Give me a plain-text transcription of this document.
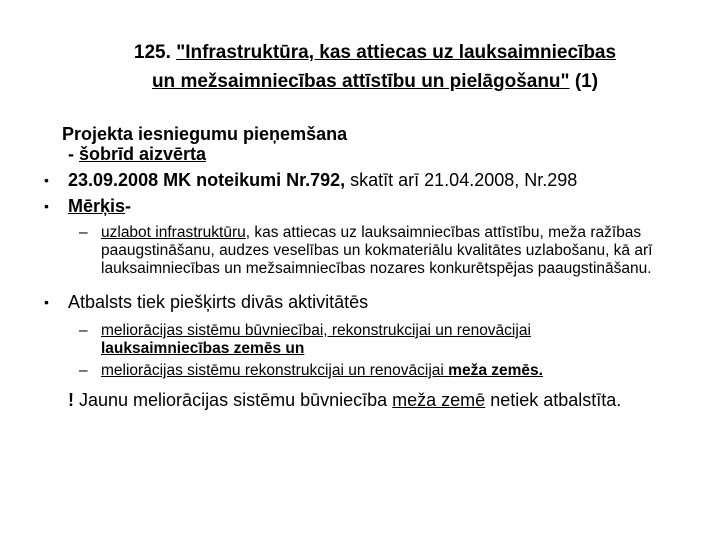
125. "Infrastruktūra, kas attiecas uz lauksaimniecības
un mežsaimniecības attīstību un pielāgošanu" (1)
Projekta iesniegumu pieņemšana

- šobrīd aizvērta
• 23.09.2008 MK noteikumi Nr.792, skatīt arī 21.04.2008, Nr.298
• Mērķis-
– uzlabot infrastruktūru, kas attiecas uz lauksaimniecības attīstību, meža ražības paaugstināšanu, audzes veselības un kokmateriālu kvalitātes uzlabošanu, kā arī lauksaimniecības un mežsaimniecības nozares konkurētspējas paaugstināšanu.
• Atbalsts tiek piešķirts divās aktivitātēs
– meliorācijas sistēmu būvniecībai, rekonstrukcijai un renovācijai
lauksaimniecības zemēs un
– meliorācijas sistēmu rekonstrukcijai un renovācijai meža zemēs.
! Jaunu meliorācijas sistēmu būvniecība meža zemē netiek atbalstīta.
